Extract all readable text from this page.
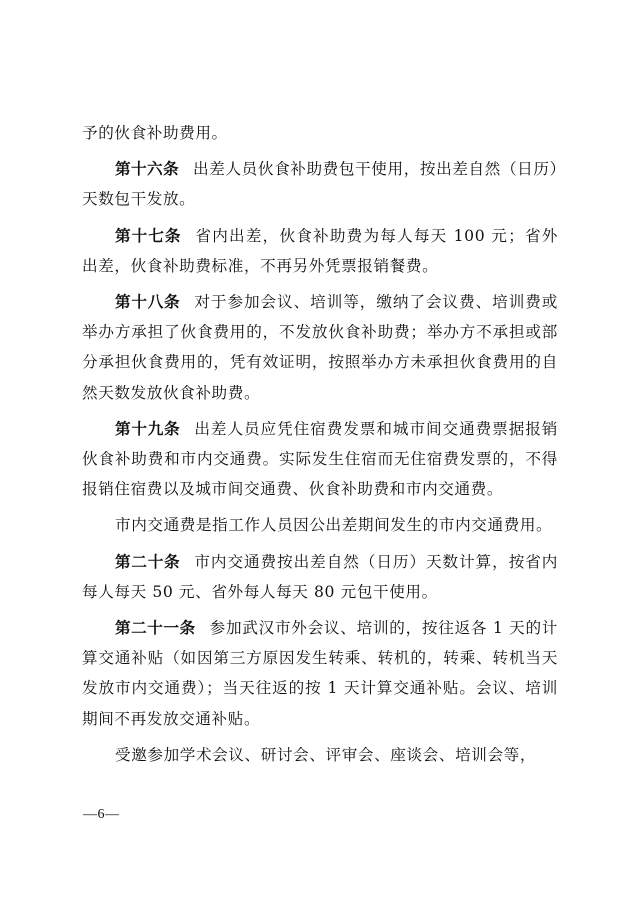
予的伙食补助费用。

第十六条 出差人员伙食补助费包干使用，按出差自然（日历）天数包干发放。

第十七条 省内出差，伙食补助费为每人每天 100 元；省外出差，伙食补助费标准，不再另外凭票报销餐费。

第十八条 对于参加会议、培训等，缴纳了会议费、培训费或举办方承担了伙食费用的，不发放伙食补助费；举办方不承担或部分承担伙食费用的，凭有效证明，按照举办方未承担伙食费用的自然天数发放伙食补助费。

第十九条 出差人员应凭住宿费发票和城市间交通费票据报销伙食补助费和市内交通费。实际发生住宿而无住宿费发票的，不得报销住宿费以及城市间交通费、伙食补助费和市内交通费。

市内交通费是指工作人员因公出差期间发生的市内交通费用。

第二十条 市内交通费按出差自然（日历）天数计算，按省内每人每天 50 元、省外每人每天 80 元包干使用。

第二十一条 参加武汉市外会议、培训的，按往返各 1 天的计算交通补贴（如因第三方原因发生转乘、转机的，转乘、转机当天发放市内交通费）；当天往返的按 1 天计算交通补贴。会议、培训期间不再发放交通补贴。

受邀参加学术会议、研讨会、评审会、座谈会、培训会等，

—6—
